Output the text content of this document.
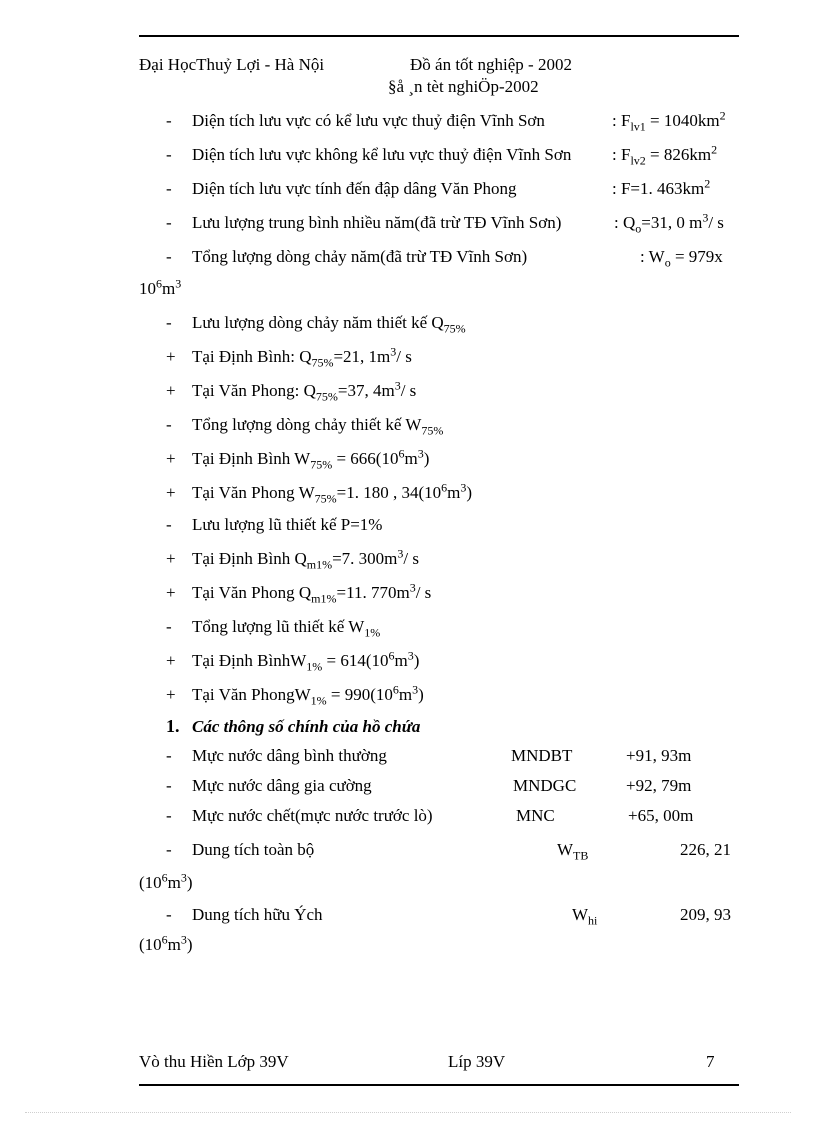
Đại HọcThuỷ Lợi - Hà Nội	Đồ án tốt nghiệp - 2002
§å ¸n tèt nghiÖp-2002
- Diện tích lưu vực có kể lưu vực thuỷ điện Vĩnh Sơn	: $F_{lv1} = 1040km^2$
- Diện tích lưu vực không kể lưu vực thuỷ điện Vĩnh Sơn : $F_{lv2} = 826km^2$
- Diện tích lưu vực tính đến đập dâng Văn Phong	: F=1. $463km^2$
- Lưu lượng trung bình nhiều năm(đã trừ TĐ Vĩnh Sơn)	: $Q_o=31$, 0 $m^3/$ s
- Tổng lượng dòng chảy năm(đã trừ TĐ Vĩnh Sơn)	: $W_o = 979x$
$10^6m^3$
- Lưu lượng dòng chảy năm thiết kế $Q_{75\%}$
+ Tại Định Bình: $Q_{75\%}=21$, $1m^3/$ s
+ Tại Văn Phong: $Q_{75\%}=37$, $4m^3/$ s
- Tổng lượng dòng chảy thiết kế $W_{75\%}$
+ Tại Định Bình $W_{75\%} = 666(10^6m^3)$
+ Tại Văn Phong $W_{75\%}=1$. 180 , $34(10^6m^3)$
- Lưu lượng lũ thiết kế P=1%
+ Tại Định Bình $Q_{m1\%}=7$. $300m^3/$ s
+ Tại Văn Phong $Q_{m1\%}=11$. $770m^3/$ s
- Tổng lượng lũ thiết kế $W_{1\%}$
+ Tại Định BìnhW$_{1\%}$ = $614(10^6m^3)$
+ Tại Văn PhongW$_{1\%}$ = $990(10^6m^3)$
1. Các thông số chính của hồ chứa
- Mực nước dâng bình thường	MNDBT	+91, 93m
- Mực nước dâng gia cường	MNDGC	+92, 79m
- Mực nước chết(mực nước trước lò)	MNC	+65, 00m
- Dung tích toàn bộ	$W_{TB}$	226, 21
$(10^6m^3)$
- Dung tích hữu Ých	$W_{hi}$	209, 93
$(10^6m^3)$
Vò thu Hiền Lớp 39V	Líp 39V	7
